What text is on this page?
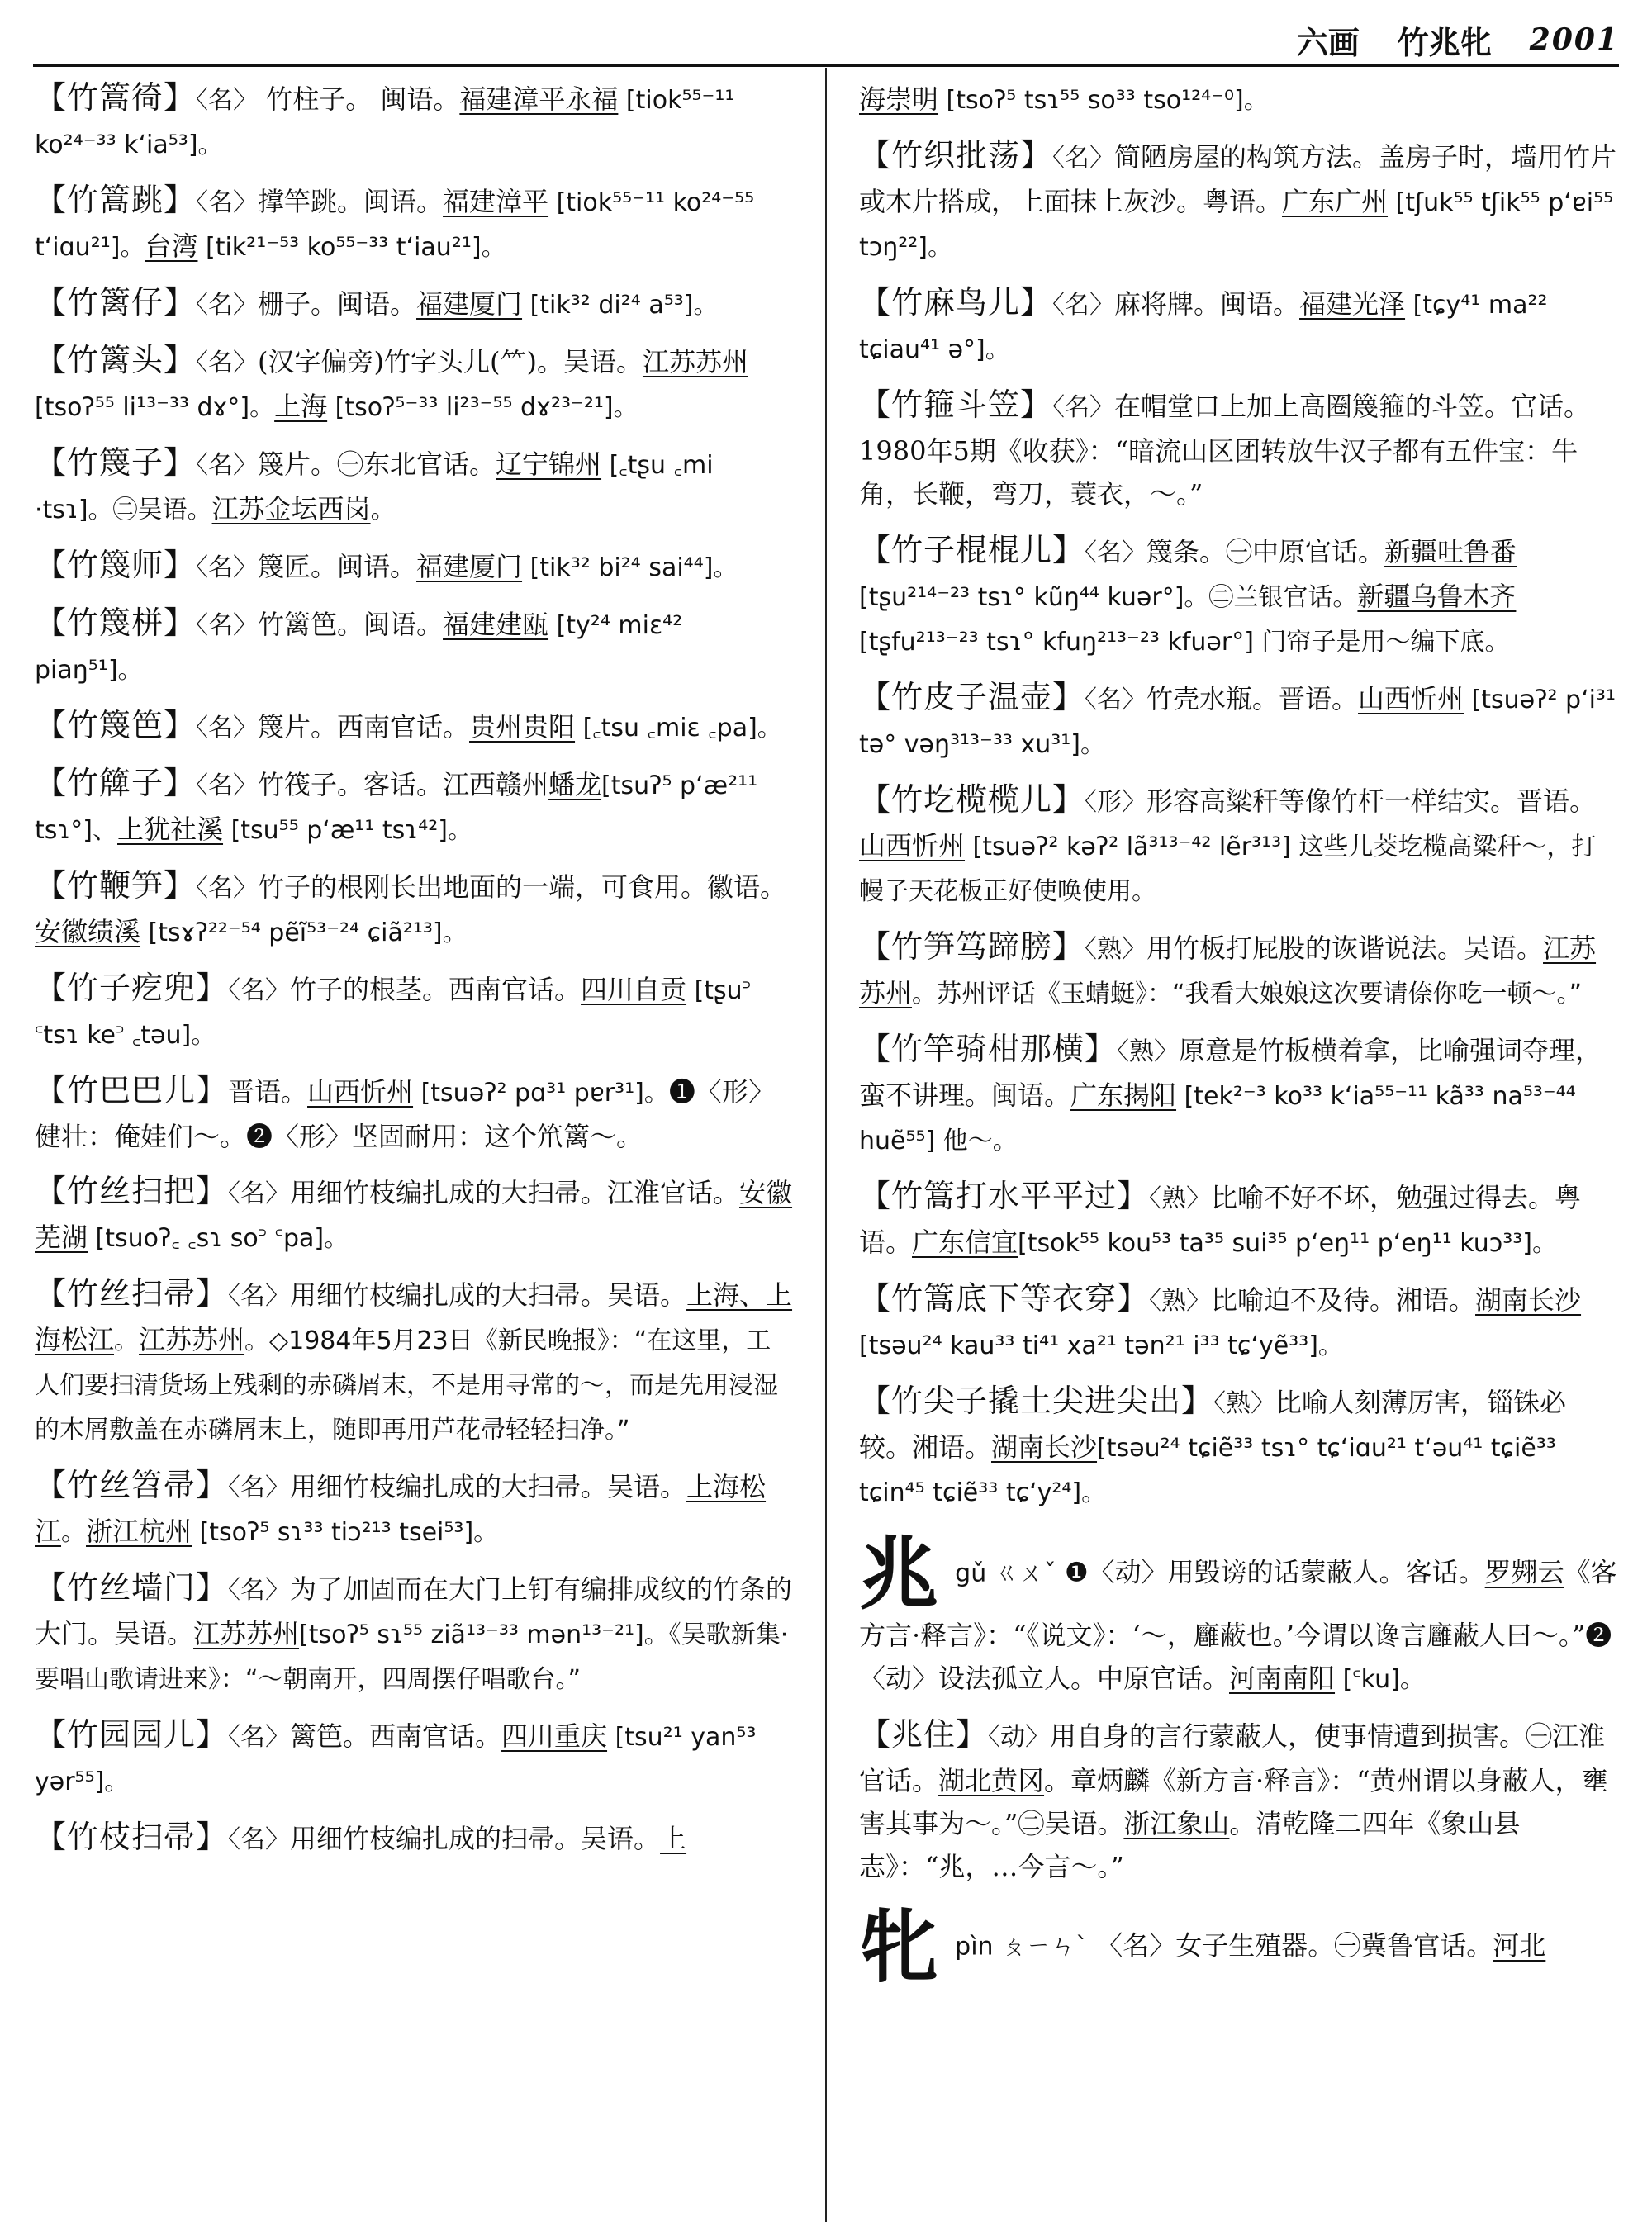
六画 竹兆牝 2001
【竹篙徛】〈名〉 竹柱子。 闽语。福建漳平永福 [tiok⁵⁵⁻¹¹ ko²⁴⁻³³ k‘ia⁵³]。
【竹篙跳】〈名〉撑竿跳。闽语。福建漳平 [tiok⁵⁵⁻¹¹ ko²⁴⁻⁵⁵ t‘iɑu²¹]。台湾 [tik²¹⁻⁵³ ko⁵⁵⁻³³ t‘iau²¹]。
【竹篱仔】〈名〉栅子。闽语。福建厦门 [tik³² di²⁴ a⁵³]。
【竹篱头】〈名〉(汉字偏旁)竹字头儿(⺮)。吴语。江苏苏州 [tsoʔ⁵⁵ li¹³⁻³³ dɤ°]。上海 [tsoʔ⁵⁻³³ li²³⁻⁵⁵ dɤ²³⁻²¹]。
【竹篾子】〈名〉篾片。㊀东北官话。辽宁锦州 [꜀tʂu ꜀mi ·tsɿ]。㊁吴语。江苏金坛西岗。
【竹篾师】〈名〉篾匠。闽语。福建厦门 [tik³² bi²⁴ sai⁴⁴]。
【竹篾栟】〈名〉竹篱笆。闽语。福建建瓯 [ty²⁴ miɛ⁴² piaŋ⁵¹]。
【竹篾笆】〈名〉篾片。西南官话。贵州贵阳 [꜀tsu ꜀miɛ ꜀pa]。
【竹簰子】〈名〉竹筏子。客话。江西赣州蟠龙[tsuʔ⁵ p‘æ²¹¹ tsɿ°]、上犹社溪 [tsu⁵⁵ p‘æ¹¹ tsɿ⁴²]。
【竹鞭笋】〈名〉竹子的根刚长出地面的一端，可食用。徽语。安徽绩溪 [tsɤʔ²²⁻⁵⁴ pẽĩ⁵³⁻²⁴ ɕiã²¹³]。
【竹子疙兜】〈名〉竹子的根茎。西南官话。四川自贡 [tʂu꜄ ꜂tsɿ ke꜄ ꜀təu]。
【竹巴巴儿】晋语。山西忻州 [tsuəʔ² pɑ³¹ pɐr³¹]。❶〈形〉健壮：俺娃们～。❷〈形〉坚固耐用：这个笊篱～。
【竹丝扫把】〈名〉用细竹枝编扎成的大扫帚。江淮官话。安徽芜湖 [tsuoʔ꜀ ꜀sɿ so꜄ ꜂pa]。
【竹丝扫帚】〈名〉用细竹枝编扎成的大扫帚。吴语。上海、上海松江。江苏苏州。◇1984年5月23日《新民晚报》：“在这里，工人们要扫清货场上残剩的赤磷屑末，不是用寻常的～，而是先用浸湿的木屑敷盖在赤磷屑末上，随即再用芦花帚轻轻扫净。”
【竹丝笤帚】〈名〉用细竹枝编扎成的大扫帚。吴语。上海松江。浙江杭州 [tsoʔ⁵ sɿ³³ tiɔ²¹³ tsei⁵³]。
【竹丝墙门】〈名〉为了加固而在大门上钉有编排成纹的竹条的大门。吴语。江苏苏州[tsoʔ⁵ sɿ⁵⁵ ziã¹³⁻³³ mən¹³⁻²¹]。《吴歌新集·要唱山歌请进来》：“～朝南开，四周摆仔唱歌台。”
【竹园园儿】〈名〉篱笆。西南官话。四川重庆 [tsu²¹ yan⁵³ yər⁵⁵]。
【竹枝扫帚】〈名〉用细竹枝编扎成的扫帚。吴语。上
海崇明 [tsoʔ⁵ tsɿ⁵⁵ so³³ tso¹²⁴⁻⁰]。
【竹织批荡】〈名〉简陋房屋的构筑方法。盖房子时，墙用竹片或木片搭成，上面抹上灰沙。粤语。广东广州 [tʃuk⁵⁵ tʃik⁵⁵ p‘ɐi⁵⁵ tɔŋ²²]。
【竹麻鸟儿】〈名〉麻将牌。闽语。福建光泽 [tɕy⁴¹ ma²² tɕiau⁴¹ ə°]。
【竹箍斗笠】〈名〉在帽堂口上加上高圈篾箍的斗笠。官话。1980年5期《收获》：“暗流山区团转放牛汉子都有五件宝：牛角，长鞭，弯刀，蓑衣，～。”
【竹子棍棍儿】〈名〉篾条。㊀中原官话。新疆吐鲁番 [tʂu²¹⁴⁻²³ tsɿ° kũŋ⁴⁴ kuər°]。㊁兰银官话。新疆乌鲁木齐 [tʂfu²¹³⁻²³ tsɿ° kfuŋ²¹³⁻²³ kfuər°] 门帘子是用～编下底。
【竹皮子温壶】〈名〉竹壳水瓶。晋语。山西忻州 [tsuəʔ² p‘i³¹ tə° vəŋ³¹³⁻³³ xu³¹]。
【竹圪榄榄儿】〈形〉形容高粱秆等像竹杆一样结实。晋语。山西忻州 [tsuəʔ² kəʔ² lã³¹³⁻⁴² lẽr³¹³] 这些儿茭圪榄高粱秆～，打幔子天花板正好使唤使用。
【竹笋笃蹄膀】〈熟〉用竹板打屁股的诙谐说法。吴语。江苏苏州。苏州评话《玉蜻蜓》：“我看大娘娘这次要请倷你吃一顿～。”
【竹竿骑柑那横】〈熟〉原意是竹板横着拿，比喻强词夺理，蛮不讲理。闽语。广东揭阳 [tek²⁻³ ko³³ k‘ia⁵⁵⁻¹¹ kã³³ na⁵³⁻⁴⁴ huẽ⁵⁵] 他～。
【竹篙打水平平过】〈熟〉比喻不好不坏，勉强过得去。粤语。广东信宜[tsok⁵⁵ kou⁵³ ta³⁵ sui³⁵ p‘eŋ¹¹ p‘eŋ¹¹ kuɔ³³]。
【竹篙底下等衣穿】〈熟〉比喻迫不及待。湘语。湖南长沙[tsəu²⁴ kau³³ ti⁴¹ xa²¹ tən²¹ i³³ tɕ‘yẽ³³]。
【竹尖子撬土尖进尖出】〈熟〉比喻人刻薄厉害，锱铢必较。湘语。湖南长沙[tsəu²⁴ tɕiẽ³³ tsɿ° tɕ‘iɑu²¹ t‘əu⁴¹ tɕiẽ³³ tɕin⁴⁵ tɕiẽ³³ tɕ‘y²⁴]。
兆 gǔ ㄍㄨˇ ❶〈动〉用毁谤的话蒙蔽人。客话。罗翙云《客方言·释言》：“《说文》：‘～，廱蔽也。’今谓以谗言廱蔽人曰～。”❷〈动〉设法孤立人。中原官话。河南南阳 [꜂ku]。
【兆住】〈动〉用自身的言行蒙蔽人，使事情遭到损害。㊀江淮官话。湖北黄冈。章炳麟《新方言·释言》：“黄州谓以身蔽人，壅害其事为～。”㊁吴语。浙江象山。清乾隆二四年《象山县志》：“兆，…今言～。”
牝 pìn ㄆㄧㄣˋ 〈名〉女子生殖器。㊀冀鲁官话。河北
